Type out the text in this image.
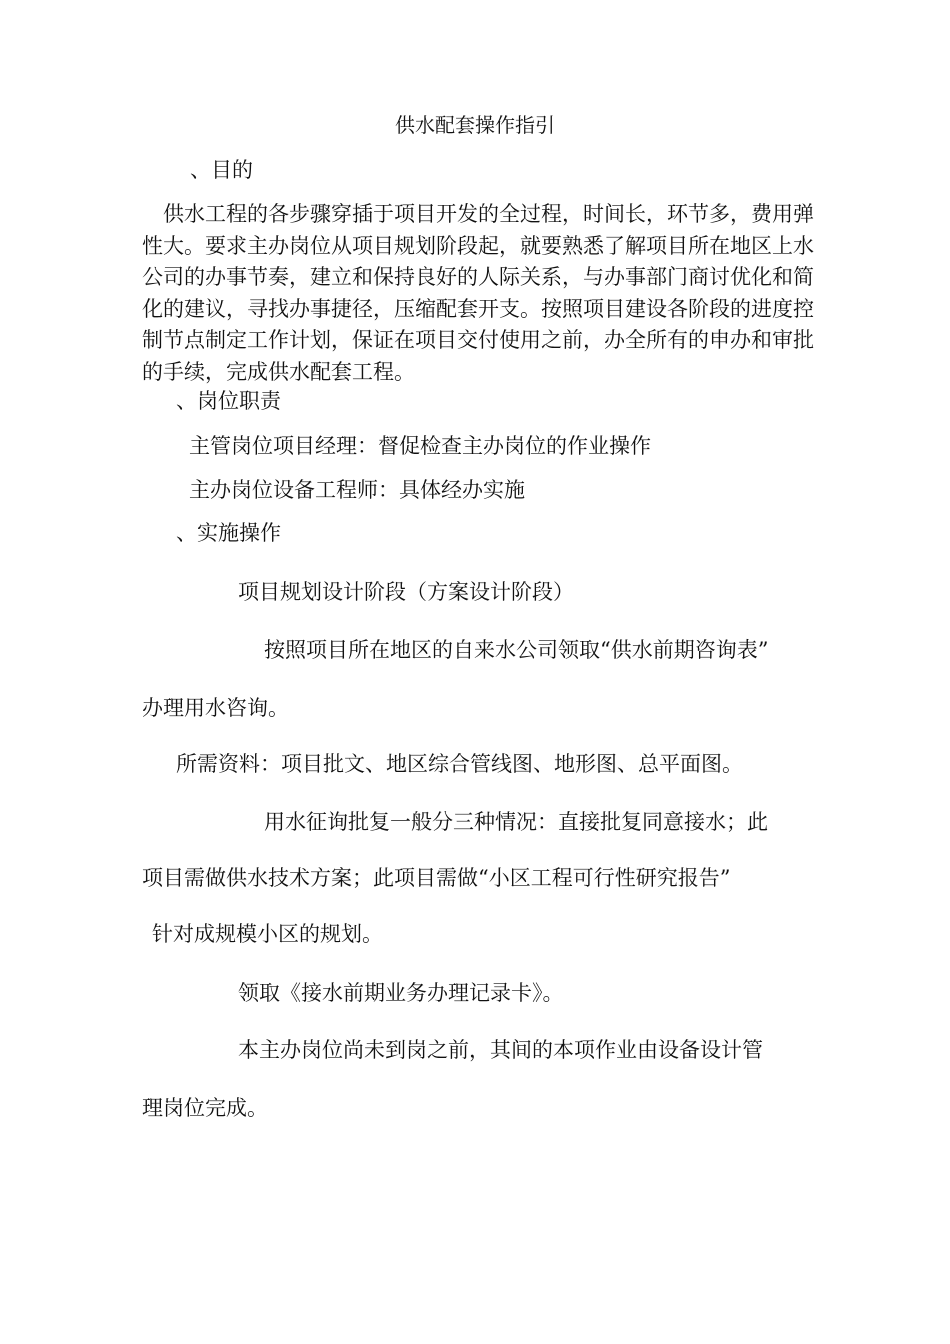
供水配套操作指引
、目的
供水工程的各步骤穿插于项目开发的全过程，时间长，环节多，费用弹性大。要求主办岗位从项目规划阶段起，就要熟悉了解项目所在地区上水公司的办事节奏，建立和保持良好的人际关系，与办事部门商讨优化和简化的建议，寻找办事捷径，压缩配套开支。按照项目建设各阶段的进度控制节点制定工作计划，保证在项目交付使用之前，办全所有的申办和审批的手续，完成供水配套工程。
、岗位职责
主管岗位项目经理：督促检查主办岗位的作业操作
主办岗位设备工程师：具体经办实施
、实施操作
项目规划设计阶段（方案设计阶段）
按照项目所在地区的自来水公司领取“供水前期咨询表”
办理用水咨询。
所需资料：项目批文、地区综合管线图、地形图、总平面图。
用水征询批复一般分三种情况：直接批复同意接水；此
项目需做供水技术方案；此项目需做“小区工程可行性研究报告”
针对成规模小区的规划。
领取《接水前期业务办理记录卡》。
本主办岗位尚未到岗之前，其间的本项作业由设备设计管
理岗位完成。
